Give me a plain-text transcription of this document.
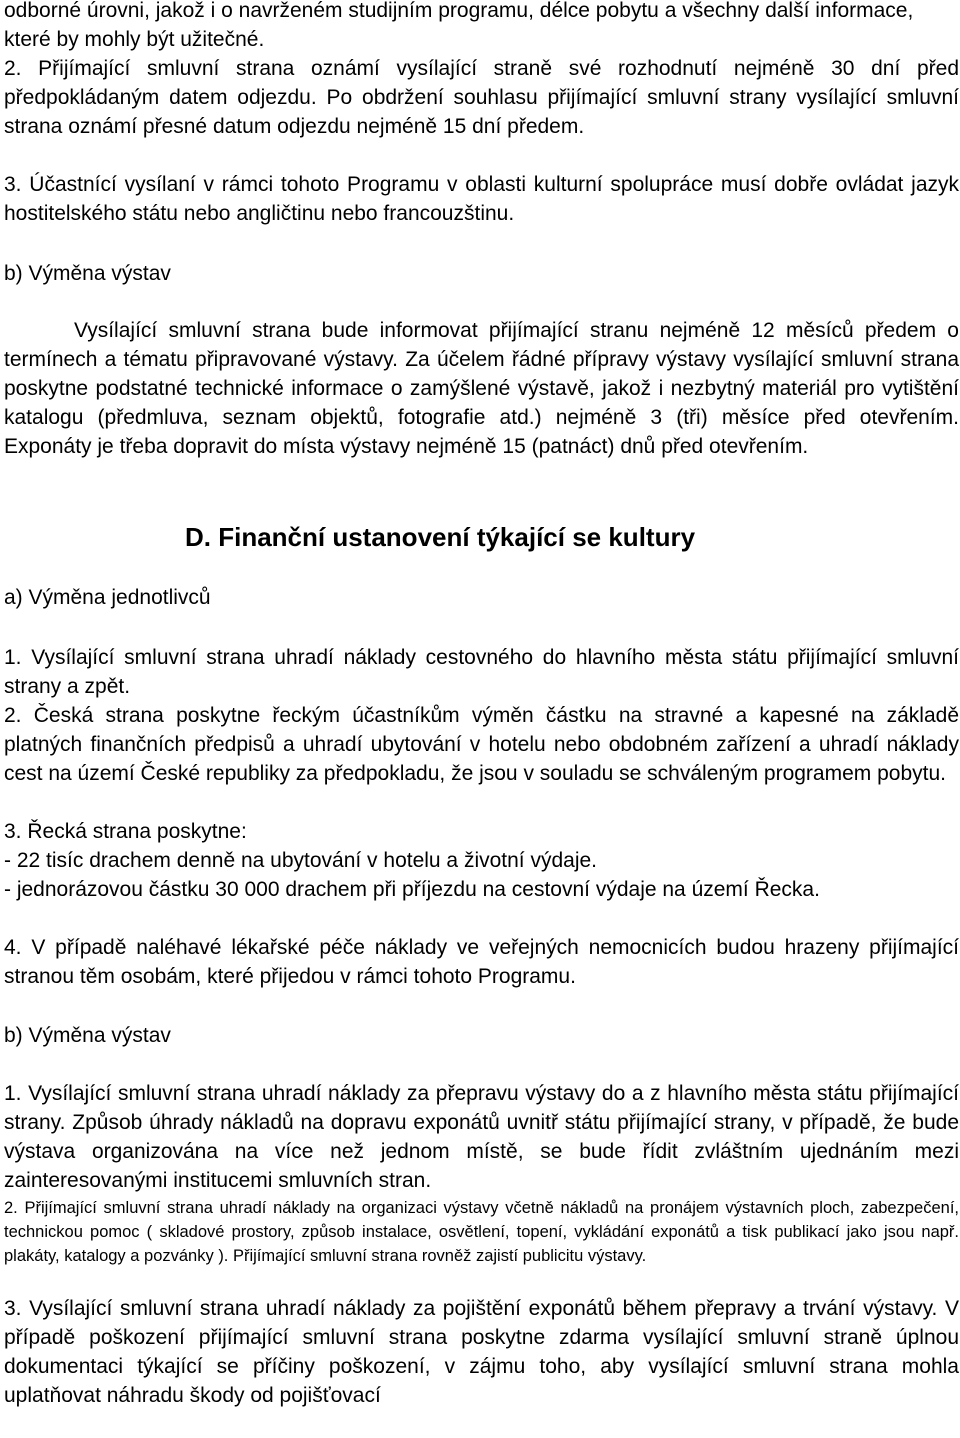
odborné úrovni, jakož i o navrženém studijním programu, délce pobytu a všechny další informace, které by mohly být užitečné.
2. Přijímající smluvní strana oznámí vysílající straně své rozhodnutí nejméně 30 dní před předpokládaným datem odjezdu. Po obdržení souhlasu přijímající smluvní strany vysílající smluvní strana oznámí přesné datum odjezdu nejméně 15 dní předem.
3. Účastnící vysílaní v rámci tohoto Programu v oblasti kulturní spolupráce musí dobře ovládat jazyk hostitelského státu nebo angličtinu nebo francouzštinu.
b) Výměna výstav
Vysílající smluvní strana bude informovat přijímající stranu nejméně 12 měsíců předem o termínech a tématu připravované výstavy. Za účelem řádné přípravy výstavy vysílající smluvní strana poskytne podstatné technické informace o zamýšlené výstavě, jakož i nezbytný materiál pro vytištění katalogu (předmluva, seznam objektů, fotografie atd.) nejméně 3 (tři) měsíce před otevřením. Exponáty je třeba dopravit do místa výstavy nejméně 15 (patnáct) dnů před otevřením.
D. Finanční ustanovení týkající se kultury
a) Výměna jednotlivců
1. Vysílající smluvní strana uhradí náklady cestovného do hlavního města státu přijímající smluvní strany a zpět.
2. Česká strana poskytne řeckým účastníkům výměn částku na stravné a kapesné na základě platných finančních předpisů a uhradí ubytování v hotelu nebo obdobném zařízení a uhradí náklady cest na území České republiky za předpokladu, že jsou v souladu se schváleným programem pobytu.
3. Řecká strana poskytne:
- 22 tisíc drachem denně na ubytování v hotelu a životní výdaje.
- jednorázovou částku 30 000 drachem při příjezdu na cestovní výdaje na území Řecka.
4. V případě naléhavé lékařské péče náklady ve veřejných nemocnicích budou hrazeny přijímající stranou těm osobám, které přijedou v rámci tohoto Programu.
b) Výměna výstav
1. Vysílající smluvní strana uhradí náklady za přepravu výstavy do a z hlavního města státu přijímající strany. Způsob úhrady nákladů na dopravu exponátů uvnitř státu přijímající strany, v případě, že bude výstava organizována na více než jednom místě, se bude řídit zvláštním ujednáním mezi zainteresovanými institucemi smluvních stran.
2. Přijímající smluvní strana uhradí náklady na organizaci výstavy včetně nákladů na pronájem výstavních ploch, zabezpečení, technickou pomoc ( skladové prostory, způsob instalace, osvětlení, topení, vykládání exponátů a tisk publikací jako jsou např. plakáty, katalogy a pozvánky ). Přijímající smluvní strana rovněž zajistí publicitu výstavy.
3. Vysílající smluvní strana uhradí náklady za pojištění exponátů během přepravy a trvání výstavy. V případě poškození přijímající smluvní strana poskytne zdarma vysílající smluvní straně úplnou dokumentaci týkající se příčiny poškození, v zájmu toho, aby vysílající smluvní strana mohla uplatňovat náhradu škody od pojišťovací
